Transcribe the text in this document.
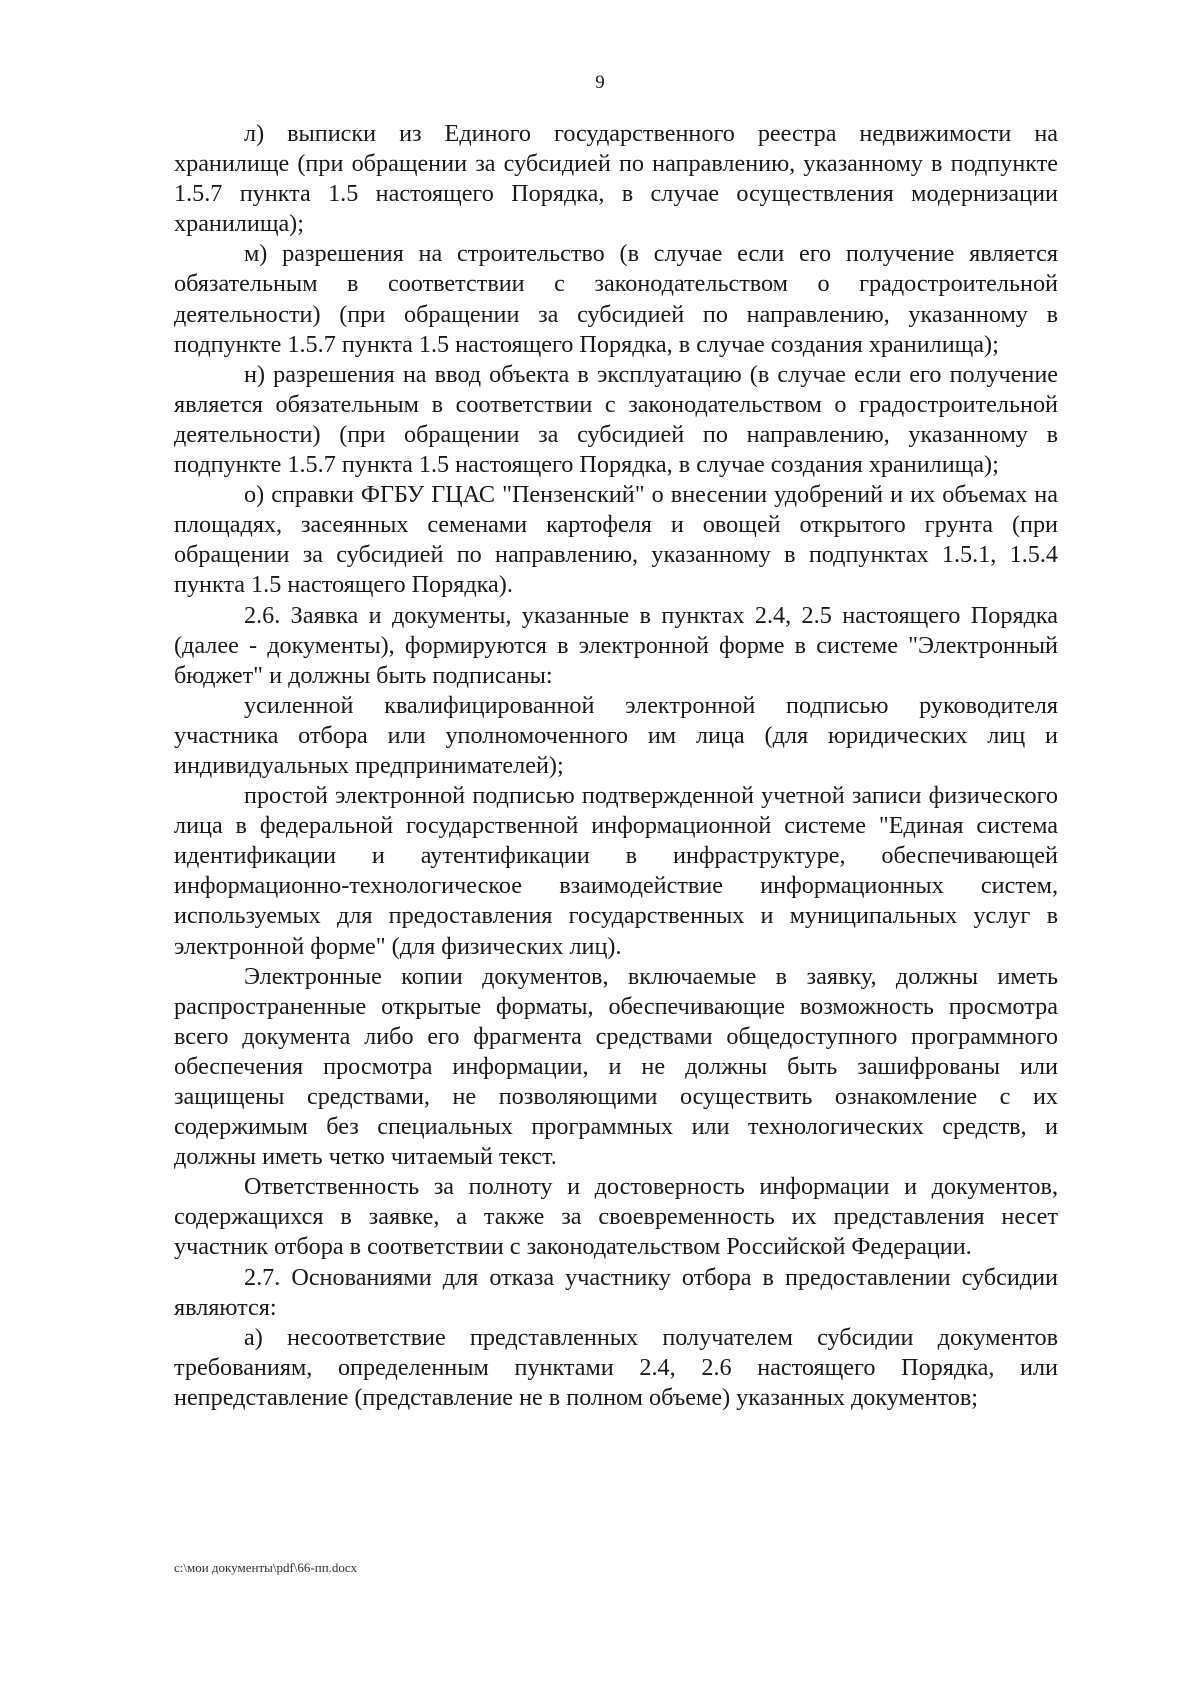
9

л) выписки из Единого государственного реестра недвижимости на хранилище (при обращении за субсидией по направлению, указанному в подпункте 1.5.7 пункта 1.5 настоящего Порядка, в случае осуществления модернизации хранилища);

м) разрешения на строительство (в случае если его получение является обязательным в соответствии с законодательством о градостроительной деятельности) (при обращении за субсидией по направлению, указанному в подпункте 1.5.7 пункта 1.5 настоящего Порядка, в случае создания хранилища);

н) разрешения на ввод объекта в эксплуатацию (в случае если его получение является обязательным в соответствии с законодательством о градостроительной деятельности) (при обращении за субсидией по направлению, указанному в подпункте 1.5.7 пункта 1.5 настоящего Порядка, в случае создания хранилища);

о) справки ФГБУ ГЦАС "Пензенский" о внесении удобрений и их объемах на площадях, засеянных семенами картофеля и овощей открытого грунта (при обращении за субсидией по направлению, указанному в подпунктах 1.5.1, 1.5.4 пункта 1.5 настоящего Порядка).

2.6. Заявка и документы, указанные в пунктах 2.4, 2.5 настоящего Порядка (далее - документы), формируются в электронной форме в системе "Электронный бюджет" и должны быть подписаны:

усиленной квалифицированной электронной подписью руководителя участника отбора или уполномоченного им лица (для юридических лиц и индивидуальных предпринимателей);

простой электронной подписью подтвержденной учетной записи физического лица в федеральной государственной информационной системе "Единая система идентификации и аутентификации в инфраструктуре, обеспечивающей информационно-технологическое взаимодействие информационных систем, используемых для предоставления государственных и муниципальных услуг в электронной форме" (для физических лиц).

Электронные копии документов, включаемые в заявку, должны иметь распространенные открытые форматы, обеспечивающие возможность просмотра всего документа либо его фрагмента средствами общедоступного программного обеспечения просмотра информации, и не должны быть зашифрованы или защищены средствами, не позволяющими осуществить ознакомление с их содержимым без специальных программных или технологических средств, и должны иметь четко читаемый текст.

Ответственность за полноту и достоверность информации и документов, содержащихся в заявке, а также за своевременность их представления несет участник отбора в соответствии с законодательством Российской Федерации.

2.7. Основаниями для отказа участнику отбора в предоставлении субсидии являются:

а) несоответствие представленных получателем субсидии документов требованиям, определенным пунктами 2.4, 2.6 настоящего Порядка, или непредставление (представление не в полном объеме) указанных документов;

c:\мои документы\pdf\66-пп.docx
